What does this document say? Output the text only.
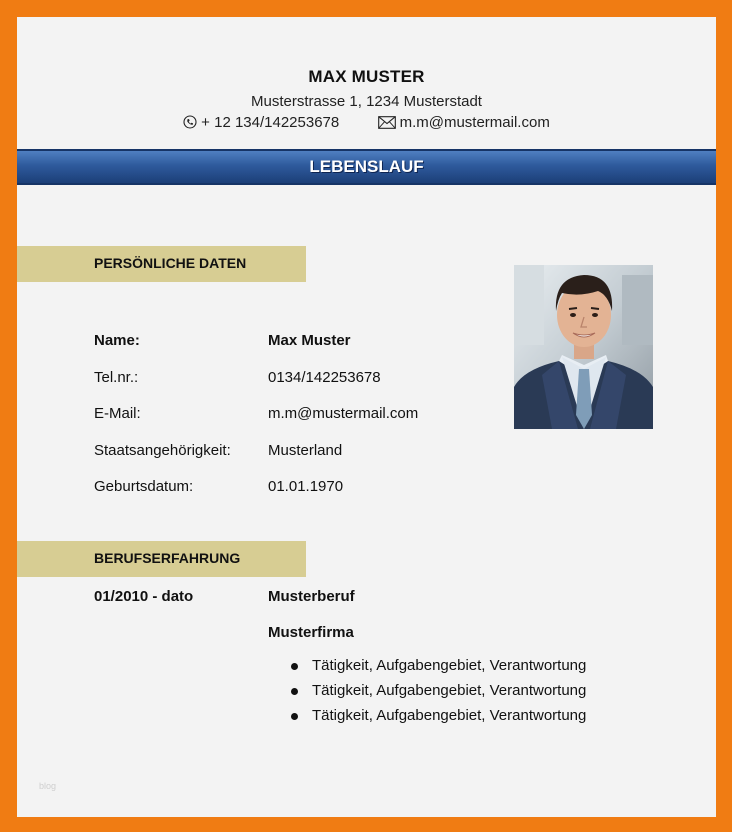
MAX MUSTER
Musterstrasse 1, 1234 Musterstadt
+ 12 134/142253678	m.m@mustermail.com
LEBENSLAUF
PERSÖNLICHE DATEN
Name:	Max Muster
Tel.nr.:	0134/142253678
E-Mail:	m.m@mustermail.com
Staatsangehörigkeit: Musterland
Geburtsdatum:	01.01.1970
BERUFSERFAHRUNG
01/2010 - dato	Musterberuf
Musterfirma
Tätigkeit, Aufgabengebiet, Verantwortung
Tätigkeit, Aufgabengebiet, Verantwortung
Tätigkeit, Aufgabengebiet, Verantwortung
blog
